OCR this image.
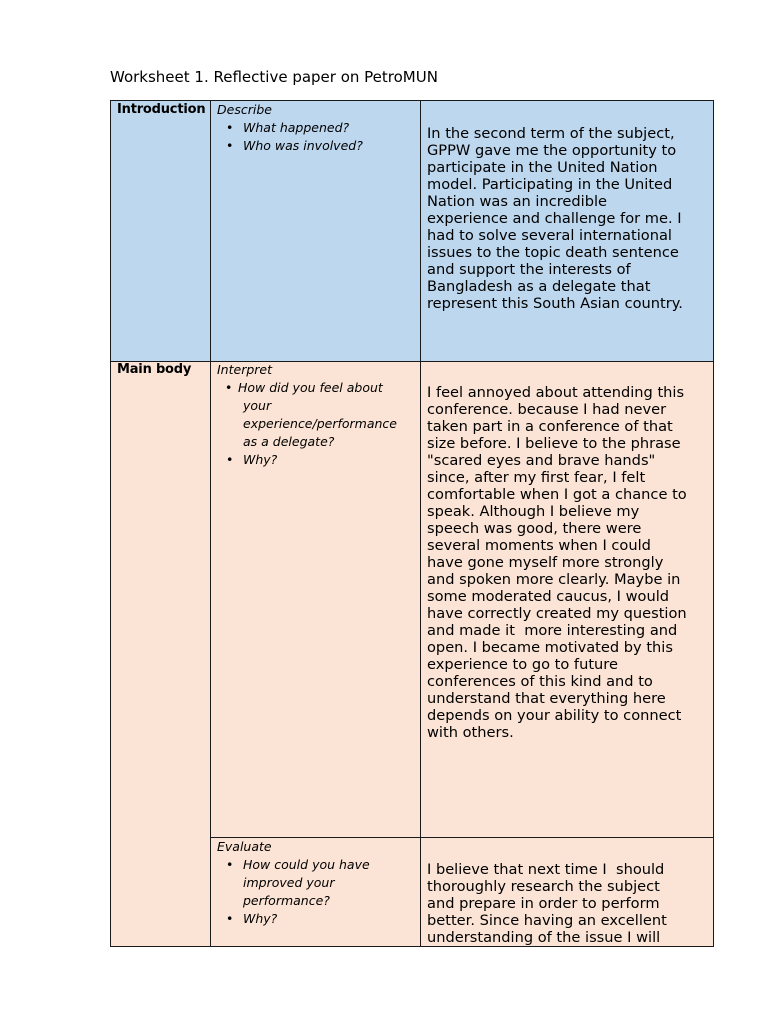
Worksheet 1. Reflective paper on PetroMUN
Introduction Describe
• What happened?
• Who was involved?
In the second term of the subject,
GPPW gave me the opportunity to
participate in the United Nation
model. Participating in the United
Nation was an incredible
experience and challenge for me. I
had to solve several international
issues to the topic death sentence
and support the interests of
Bangladesh as a delegate that
represent this South Asian country.
Main body Interpret
• How did you feel about
your
experience/performance
as a delegate?
• Why?
I feel annoyed about attending this
conference. because I had never
taken part in a conference of that
size before. I believe to the phrase
"scared eyes and brave hands"
since, after my first fear, I felt
comfortable when I got a chance to
speak. Although I believe my
speech was good, there were
several moments when I could
have gone myself more strongly
and spoken more clearly. Maybe in
some moderated caucus, I would
have correctly created my question
and made it  more interesting and
open. I became motivated by this
experience to go to future
conferences of this kind and to
understand that everything here
depends on your ability to connect
with others.
Evaluate
• How could you have
improved your
performance?
• Why?
I believe that next time I  should
thoroughly research the subject
and prepare in order to perform
better. Since having an excellent
understanding of the issue I will
